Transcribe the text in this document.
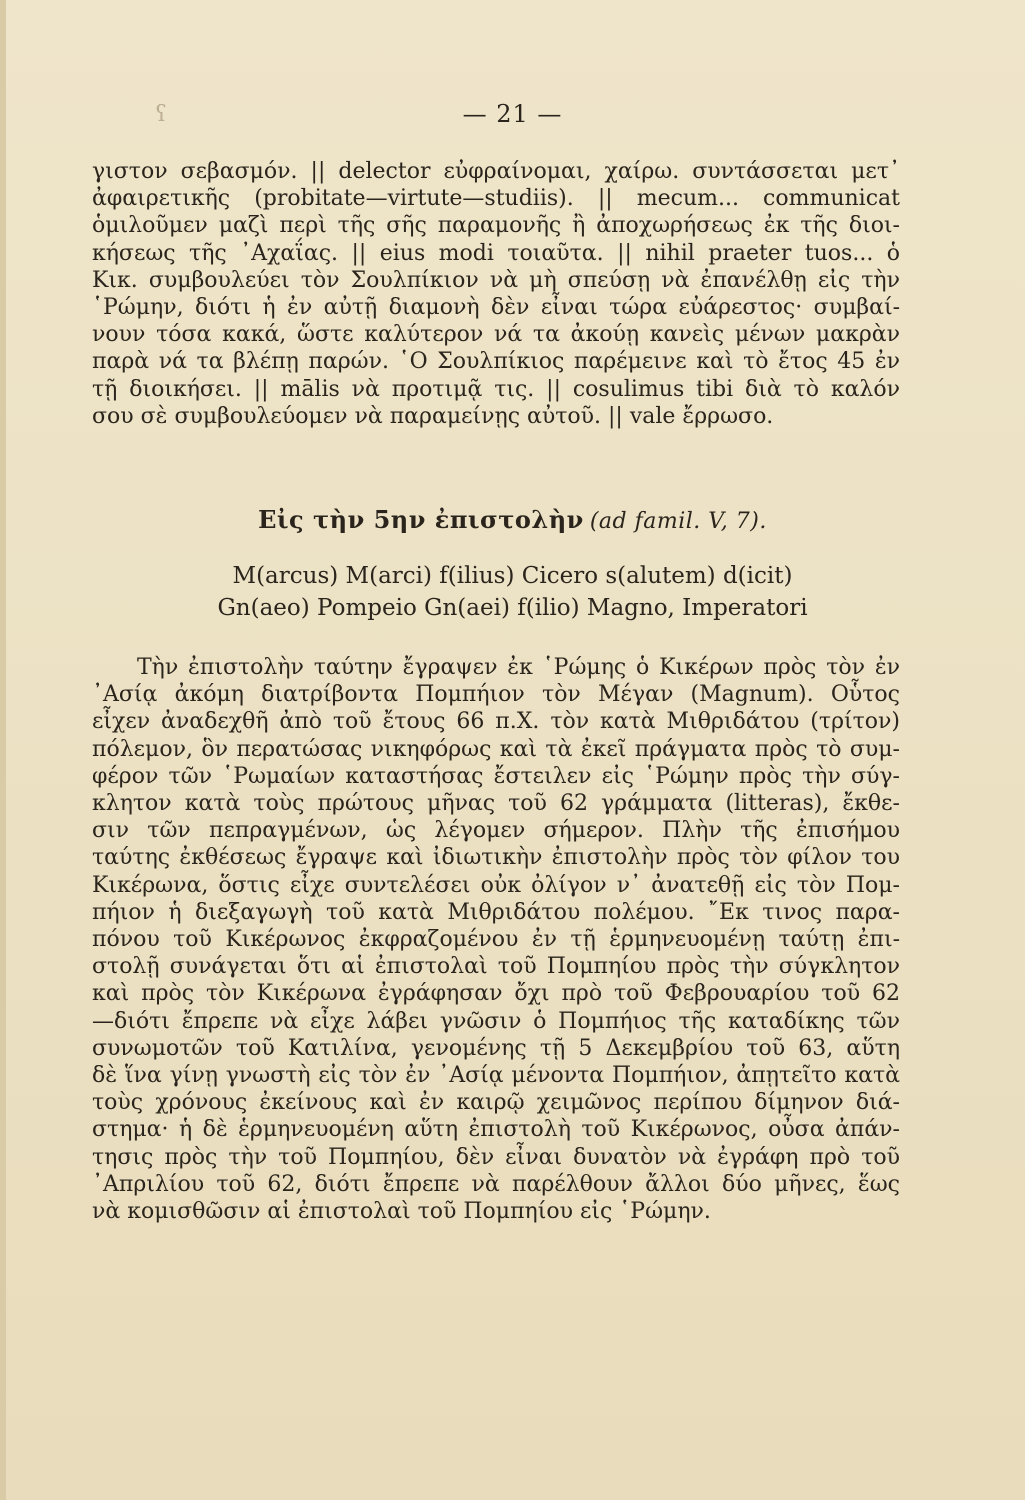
ʕ	— 21 —
γιστον σεβασμόν. || delector εὐφραίνομαι, χαίρω. συντάσσεται μετ᾽
ἀφαιρετικῆς (probitate—virtute—studiis). || mecum... communicat
ὁμιλοῦμεν μαζὶ περὶ τῆς σῆς παραμονῆς ἢ ἀποχωρήσεως ἐκ τῆς διοι-
κήσεως τῆς ᾿Αχαΐας. || eius modi τοιαῦτα. || nihil praeter tuos... ὁ
Κικ. συμβουλεύει τὸν Σουλπίκιον νὰ μὴ σπεύσῃ νὰ ἐπανέλθῃ εἰς τὴν
῾Ρώμην, διότι ἡ ἐν αὐτῇ διαμονὴ δὲν εἶναι τώρα εὐάρεστος· συμβαί-
νουν τόσα κακά, ὥστε καλύτερον νά τα ἀκούῃ κανεὶς μένων μακρὰν
παρὰ νά τα βλέπῃ παρών. ῾Ο Σουλπίκιος παρέμεινε καὶ τὸ ἔτος 45 ἐν
τῇ διοικήσει. || mālis νὰ προτιμᾷ τις. || cosulimus tibi διὰ τὸ καλόν
σου σὲ συμβουλεύομεν νὰ παραμείνῃς αὐτοῦ. || vale ἔρρωσο.
Εἰς τὴν 5ην ἐπιστολὴν (ad famil. V, 7).
M(arcus) M(arci) f(ilius) Cicero s(alutem) d(icit)
Gn(aeo) Pompeio Gn(aei) f(ilio) Magno, Imperatori
Τὴν ἐπιστολὴν ταύτην ἔγραψεν ἐκ ῾Ρώμης ὁ Κικέρων πρὸς τὸν ἐν
᾿Ασίᾳ ἀκόμη διατρίβοντα Πομπήιον τὸν Μέγαν (Magnum). Οὗτος
εἶχεν ἀναδεχθῆ ἀπὸ τοῦ ἔτους 66 π.Χ. τὸν κατὰ Μιθριδάτου (τρίτον)
πόλεμον, ὃν περατώσας νικηφόρως καὶ τὰ ἐκεῖ πράγματα πρὸς τὸ συμ-
φέρον τῶν ῾Ρωμαίων καταστήσας ἔστειλεν εἰς ῾Ρώμην πρὸς τὴν σύγ-
κλητον κατὰ τοὺς πρώτους μῆνας τοῦ 62 γράμματα (litteras), ἔκθε-
σιν τῶν πεπραγμένων, ὡς λέγομεν σήμερον. Πλὴν τῆς ἐπισήμου
ταύτης ἐκθέσεως ἔγραψε καὶ ἰδιωτικὴν ἐπιστολὴν πρὸς τὸν φίλον του
Κικέρωνα, ὅστις εἶχε συντελέσει οὐκ ὀλίγον ν᾽ ἀνατεθῇ εἰς τὸν Πομ-
πήιον ἡ διεξαγωγὴ τοῦ κατὰ Μιθριδάτου πολέμου. ῎Εκ τινος παρα-
πόνου τοῦ Κικέρωνος ἐκφραζομένου ἐν τῇ ἑρμηνευομένῃ ταύτῃ ἐπι-
στολῇ συνάγεται ὅτι αἱ ἐπιστολαὶ τοῦ Πομπηίου πρὸς τὴν σύγκλητον
καὶ πρὸς τὸν Κικέρωνα ἐγράφησαν ὄχι πρὸ τοῦ Φεβρουαρίου τοῦ 62
—διότι ἔπρεπε νὰ εἶχε λάβει γνῶσιν ὁ Πομπήιος τῆς καταδίκης τῶν
συνωμοτῶν τοῦ Κατιλίνα, γενομένης τῇ 5 Δεκεμβρίου τοῦ 63, αὕτη
δὲ ἵνα γίνῃ γνωστὴ εἰς τὸν ἐν ᾿Ασίᾳ μένοντα Πομπήιον, ἀπῃτεῖτο κατὰ
τοὺς χρόνους ἐκείνους καὶ ἐν καιρῷ χειμῶνος περίπου δίμηνον διά-
στημα· ἡ δὲ ἑρμηνευομένη αὕτη ἐπιστολὴ τοῦ Κικέρωνος, οὖσα ἀπάν-
τησις πρὸς τὴν τοῦ Πομπηίου, δὲν εἶναι δυνατὸν νὰ ἐγράφη πρὸ τοῦ
᾿Απριλίου τοῦ 62, διότι ἔπρεπε νὰ παρέλθουν ἄλλοι δύο μῆνες, ἕως
νὰ κομισθῶσιν αἱ ἐπιστολαὶ τοῦ Πομπηίου εἰς ῾Ρώμην.
